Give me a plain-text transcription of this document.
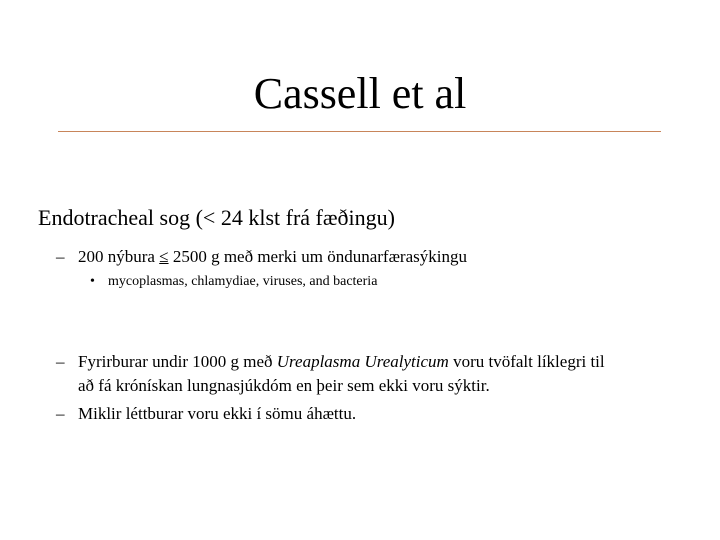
Cassell et al
Endotracheal sog (< 24 klst frá fæðingu)
– 200 nýbura ≤ 2500 g með merki um öndunarfærasýkingu
• mycoplasmas, chlamydiae, viruses, and bacteria
– Fyrirburar undir 1000 g með Ureaplasma Urealyticum voru tvöfalt líklegri til
að fá krónískan lungnasjúkdóm en þeir sem ekki voru sýktir.
– Miklir léttburar voru ekki í sömu áhættu.
